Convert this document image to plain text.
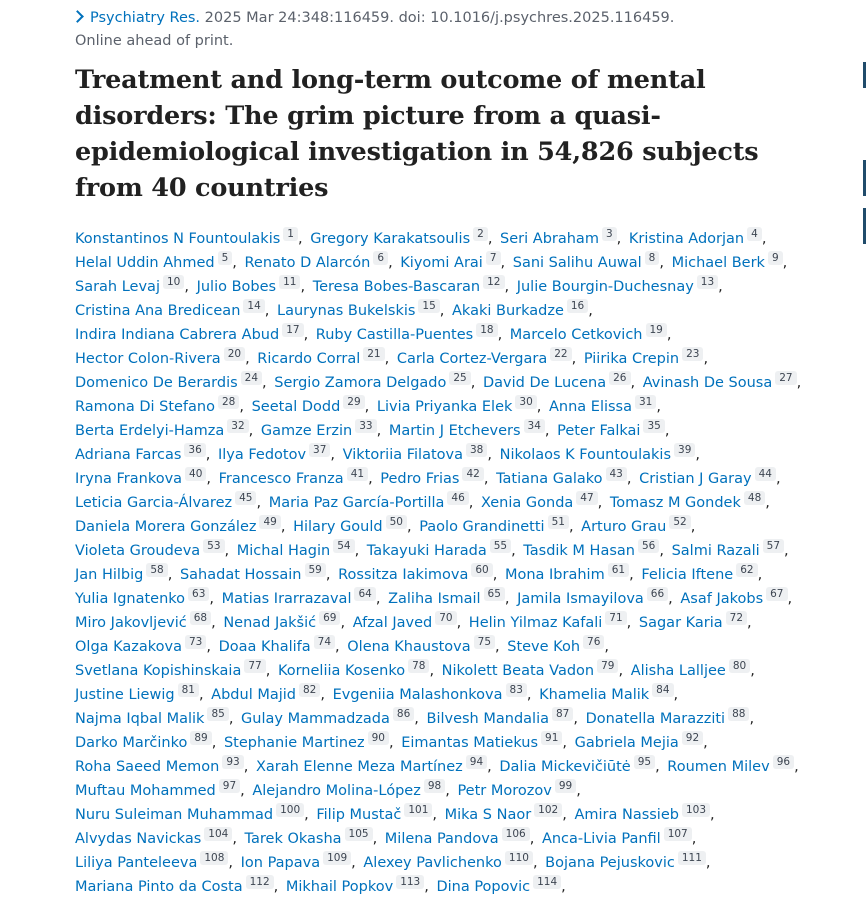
Psychiatry Res. 2025 Mar 24:348:116459. doi: 10.1016/j.psychres.2025.116459.
Online ahead of print.
Treatment and long-term outcome of mental disorders: The grim picture from a quasi-epidemiological investigation in 54,826 subjects from 40 countries
Konstantinos N Fountoulakis $^1$ , Gregory Karakatsoulis $^2$ , Seri Abraham $^3$ , Kristina Adorjan $^4$ , Helal Uddin Ahmed $^5$ , Renato D Alarcón $^6$ , Kiyomi Arai $^7$ , Sani Salihu Auwal $^8$ , Michael Berk $^9$ , Sarah Levaj $^{10}$ , Julio Bobes $^{11}$ , Teresa Bobes-Bascaran $^{12}$ , Julie Bourgin-Duchesnay $^{13}$ , Cristina Ana Bredicean $^{14}$ , Laurynas Bukelskis $^{15}$ , Akaki Burkadze $^{16}$ , Indira Indiana Cabrera Abud $^{17}$ , Ruby Castilla-Puentes $^{18}$ , Marcelo Cetkovich $^{19}$ , Hector Colon-Rivera $^{20}$ , Ricardo Corral $^{21}$ , Carla Cortez-Vergara $^{22}$ , Piirika Crepin $^{23}$ , Domenico De Berardis $^{24}$ , Sergio Zamora Delgado $^{25}$ , David De Lucena $^{26}$ , Avinash De Sousa $^{27}$ , Ramona Di Stefano $^{28}$ , Seetal Dodd $^{29}$ , Livia Priyanka Elek $^{30}$ , Anna Elissa $^{31}$ , Berta Erdelyi-Hamza $^{32}$ , Gamze Erzin $^{33}$ , Martin J Etchevers $^{34}$ , Peter Falkai $^{35}$ , Adriana Farcas $^{36}$ , Ilya Fedotov $^{37}$ , Viktoriia Filatova $^{38}$ , Nikolaos K Fountoulakis $^{39}$ , Iryna Frankova $^{40}$ , Francesco Franza $^{41}$ , Pedro Frias $^{42}$ , Tatiana Galako $^{43}$ , Cristian J Garay $^{44}$ , Leticia Garcia-Álvarez $^{45}$ , Maria Paz García-Portilla $^{46}$ , Xenia Gonda $^{47}$ , Tomasz M Gondek $^{48}$ , Daniela Morera González $^{49}$ , Hilary Gould $^{50}$ , Paolo Grandinetti $^{51}$ , Arturo Grau $^{52}$ , Violeta Groudeva $^{53}$ , Michal Hagin $^{54}$ , Takayuki Harada $^{55}$ , Tasdik M Hasan $^{56}$ , Salmi Razali $^{57}$ , Jan Hilbig $^{58}$ , Sahadat Hossain $^{59}$ , Rossitza Iakimova $^{60}$ , Mona Ibrahim $^{61}$ , Felicia Iftene $^{62}$ , Yulia Ignatenko $^{63}$ , Matias Irarrazaval $^{64}$ , Zaliha Ismail $^{65}$ , Jamila Ismayilova $^{66}$ , Asaf Jakobs $^{67}$ , Miro Jakovljević $^{68}$ , Nenad Jakšić $^{69}$ , Afzal Javed $^{70}$ , Helin Yilmaz Kafali $^{71}$ , Sagar Karia $^{72}$ , Olga Kazakova $^{73}$ , Doaa Khalifa $^{74}$ , Olena Khaustova $^{75}$ , Steve Koh $^{76}$ , Svetlana Kopishinskaia $^{77}$ , Korneliia Kosenko $^{78}$ , Nikolett Beata Vadon $^{79}$ , Alisha Lalljee $^{80}$ , Justine Liewig $^{81}$ , Abdul Majid $^{82}$ , Evgeniia Malashonkova $^{83}$ , Khamelia Malik $^{84}$ , Najma Iqbal Malik $^{85}$ , Gulay Mammadzada $^{86}$ , Bilvesh Mandalia $^{87}$ , Donatella Marazziti $^{88}$ , Darko Marčinko $^{89}$ , Stephanie Martinez $^{90}$ , Eimantas Matiekus $^{91}$ , Gabriela Mejia $^{92}$ , Roha Saeed Memon $^{93}$ , Xarah Elenne Meza Martínez $^{94}$ , Dalia Mickevičiūtė $^{95}$ , Roumen Milev $^{96}$ , Muftau Mohammed $^{97}$ , Alejandro Molina-López $^{98}$ , Petr Morozov $^{99}$ , Nuru Suleiman Muhammad $^{100}$ , Filip Mustač $^{101}$ , Mika S Naor $^{102}$ , Amira Nassieb $^{103}$ , Alvydas Navickas $^{104}$ , Tarek Okasha $^{105}$ , Milena Pandova $^{106}$ , Anca-Livia Panfil $^{107}$ , Liliya Panteleeva $^{108}$ , Ion Papava $^{109}$ , Alexey Pavlichenko $^{110}$ , Bojana Pejuskovic $^{111}$ , Mariana Pinto da Costa $^{112}$ , Mikhail Popkov $^{113}$ , Dina Popovic $^{114}$ ,
